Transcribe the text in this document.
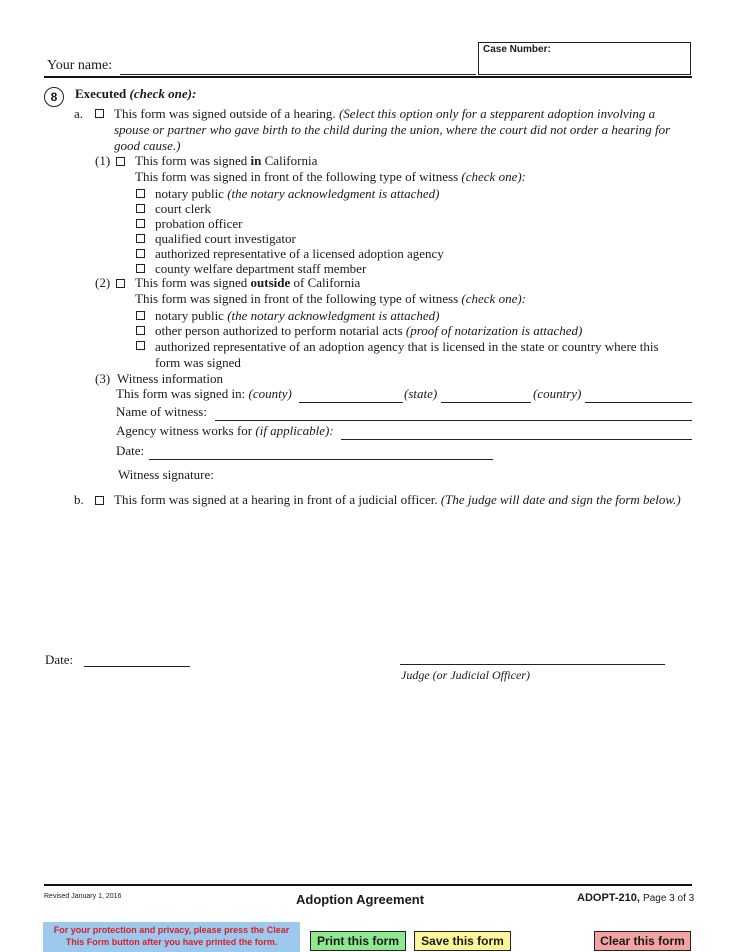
Your name:
Case Number:
8	Executed (check one):
a. This form was signed outside of a hearing. (Select this option only for a stepparent adoption involving a
spouse or partner who gave birth to the child during the union, where the court did not order a hearing for
good cause.)
(1) This form was signed in California
This form was signed in front of the following type of witness (check one):
notary public (the notary acknowledgment is attached)
court clerk
probation officer
qualified court investigator
authorized representative of a licensed adoption agency
county welfare department staff member
(2) This form was signed outside of California
This form was signed in front of the following type of witness (check one):
notary public (the notary acknowledgment is attached)
other person authorized to perform notarial acts (proof of notarization is attached)
authorized representative of an adoption agency that is licensed in the state or country where this
form was signed
(3) Witness information
This form was signed in: (county)	(state)	(country)
Name of witness:
Agency witness works for (if applicable):
Date:
Witness signature:
b. This form was signed at a hearing in front of a judicial officer. (The judge will date and sign the form below.)
Date:
Judge (or Judicial Officer)
Revised January 1, 2016	Adoption Agreement	ADOPT-210, Page 3 of 3
For your protection and privacy, please press the Clear
This Form button after you have printed the form.	Print this form	Save this form	Clear this form
